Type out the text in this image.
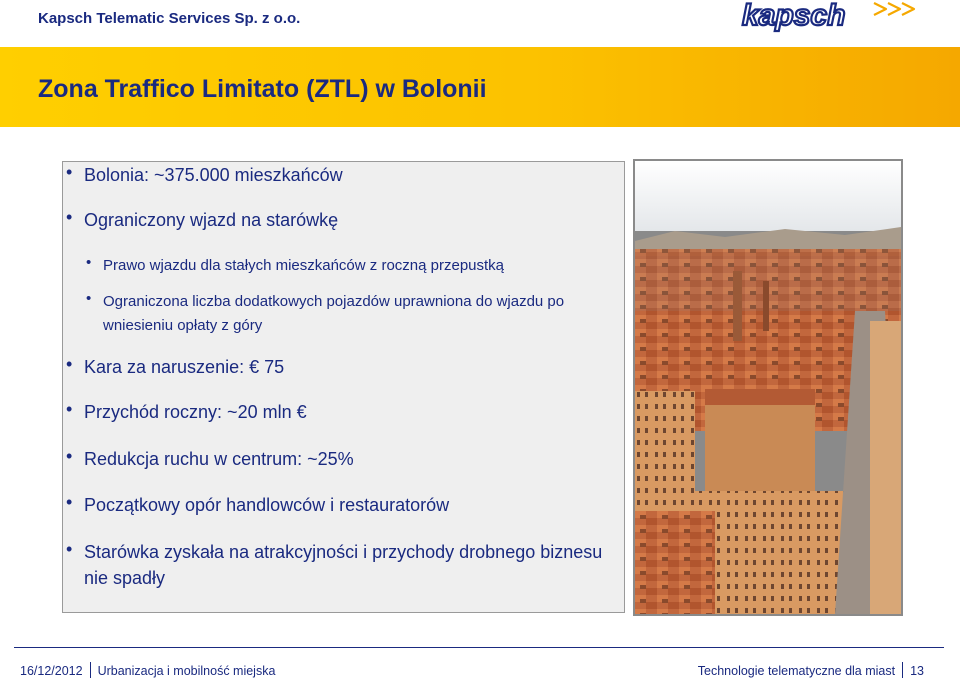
Kapsch Telematic Services Sp. z o.o.	kapsch
Zona Traffico Limitato (ZTL) w Bolonii
• Bolonia: ~375.000 mieszkańców
• Ograniczony wjazd na starówkę
• Prawo wjazdu dla stałych mieszkańców z roczną przepustką
• Ograniczona liczba dodatkowych pojazdów uprawniona do wjazdu po wniesieniu opłaty z góry
• Kara za naruszenie: € 75
• Przychód roczny: ~20 mln €
• Redukcja ruchu w centrum: ~25%
• Początkowy opór handlowców i restauratorów
• Starówka zyskała na atrakcyjności i przychody drobnego biznesu nie spadły
16/12/2012 Urbanizacja i mobilność miejska	Technologie telematyczne dla miast 13
